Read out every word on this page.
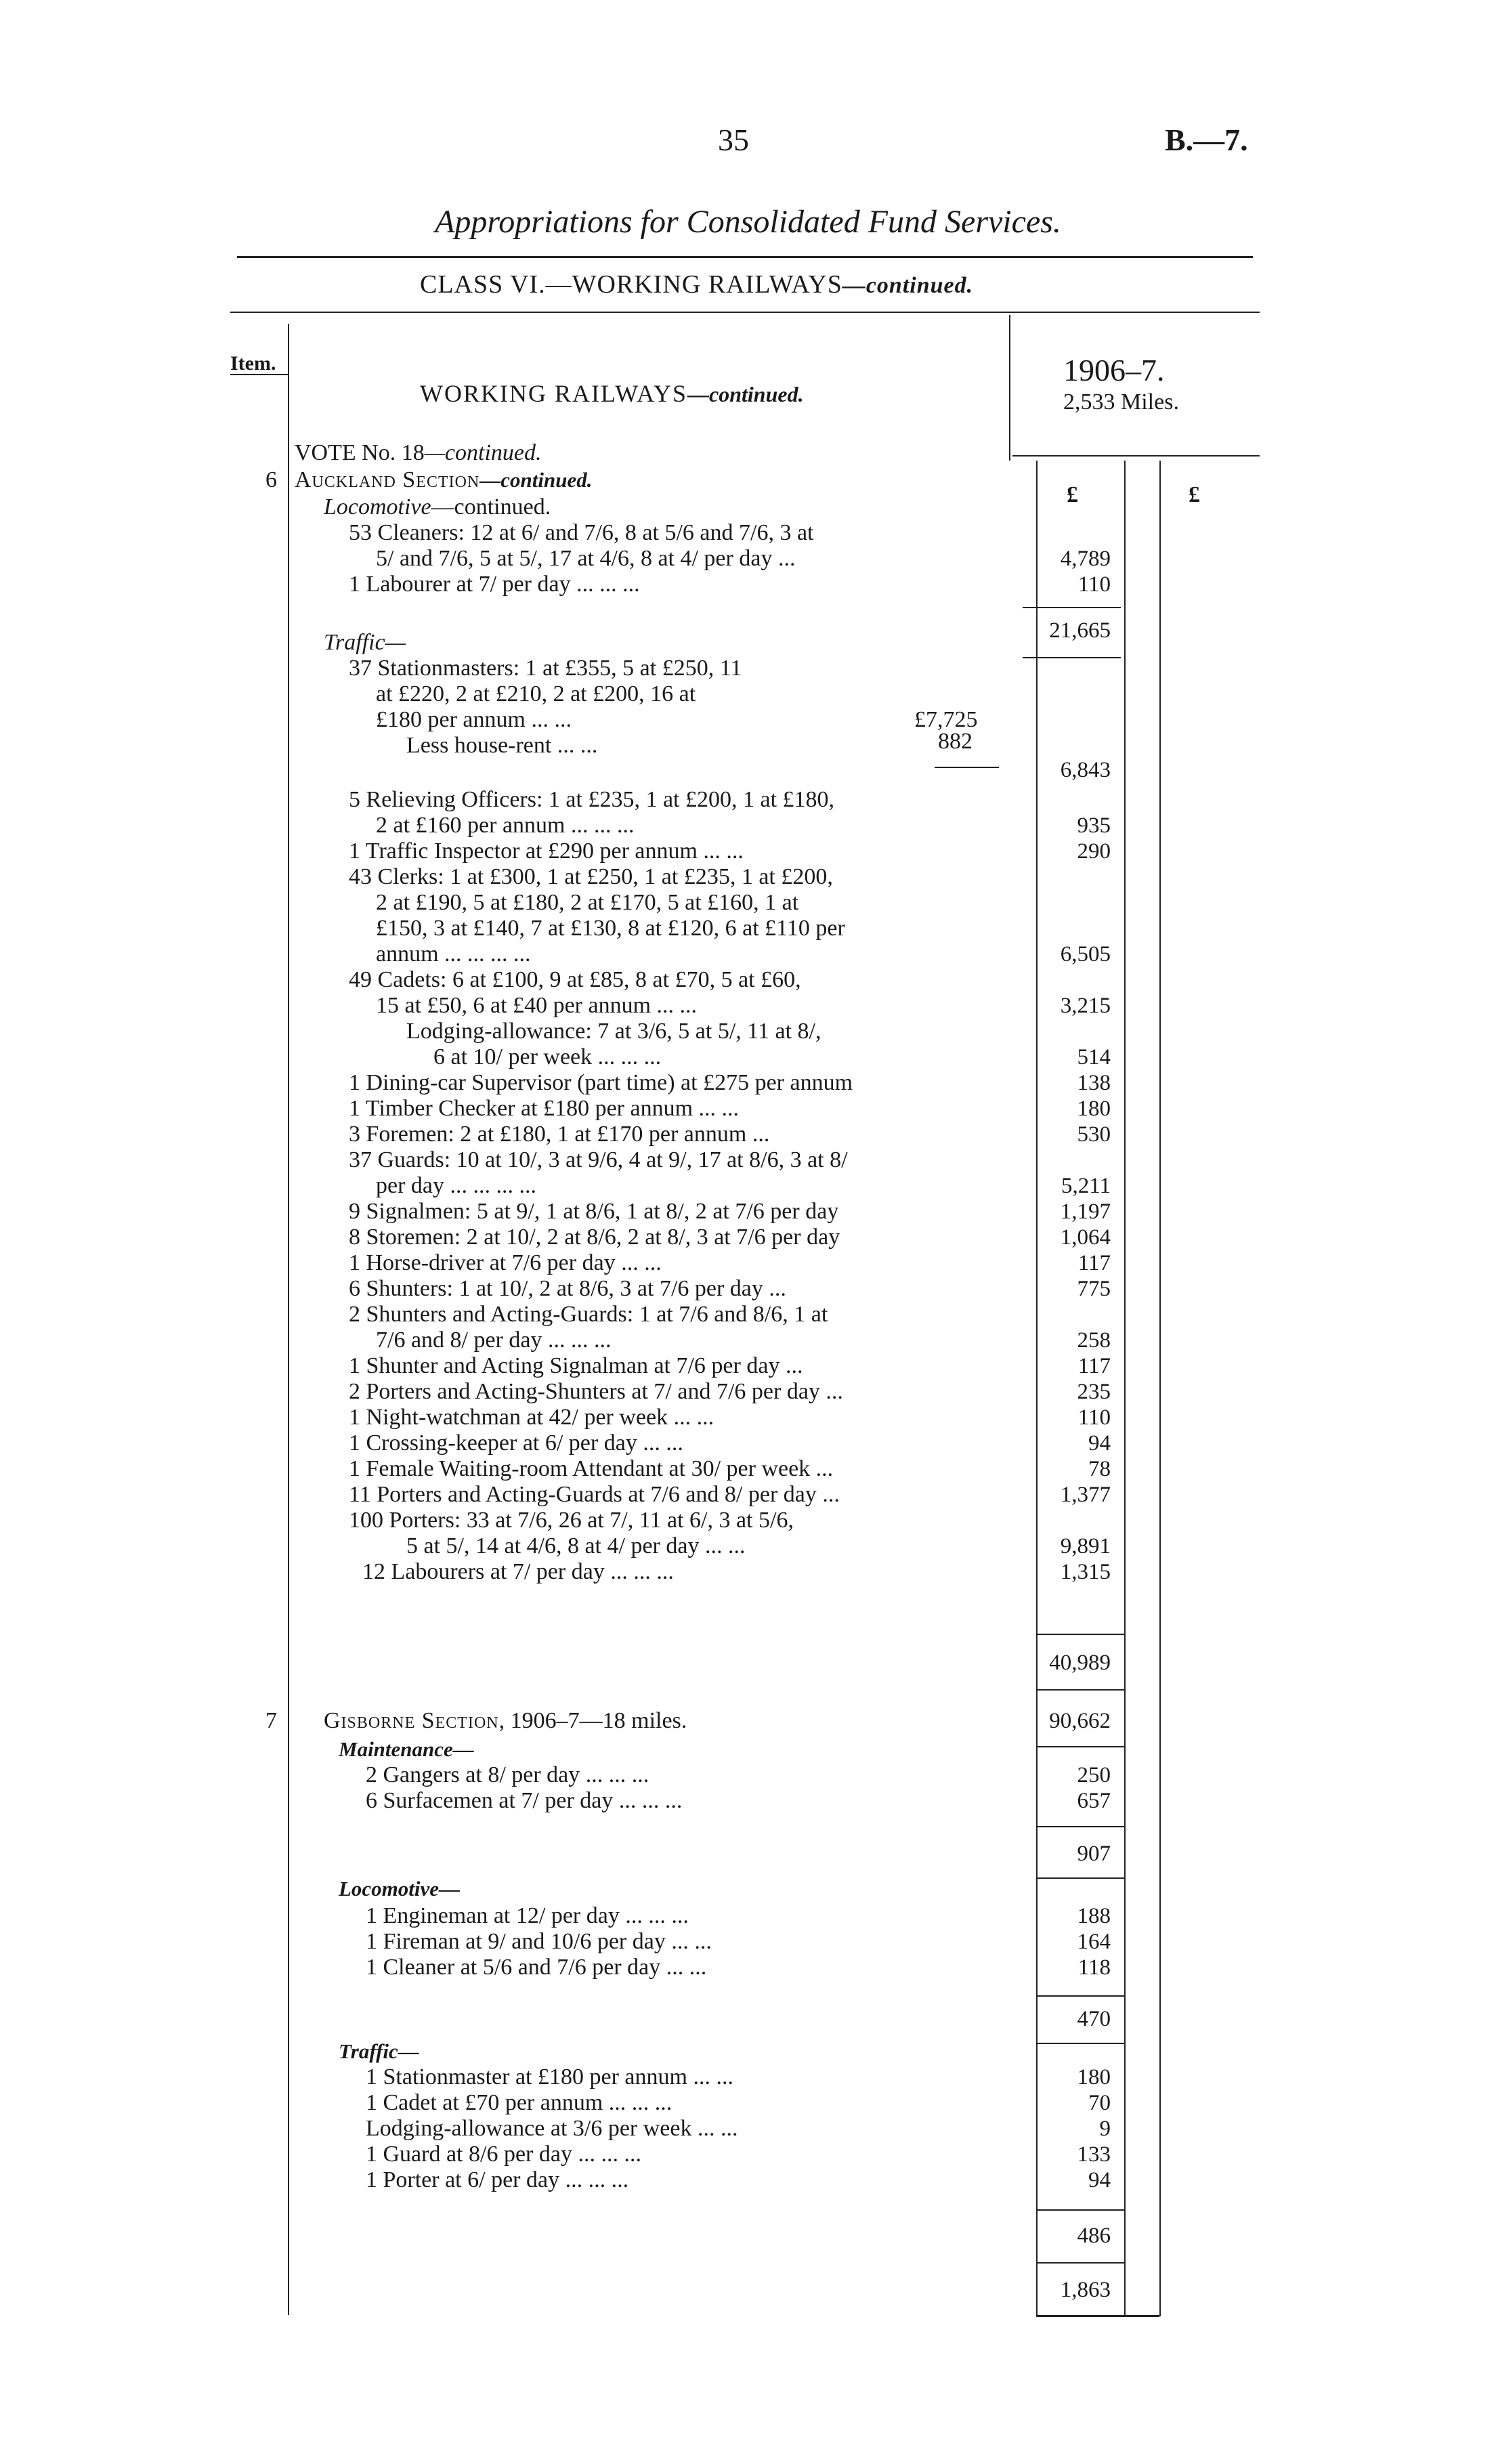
35	B.—7.
Appropriations for Consolidated Fund Services.
CLASS VI.—WORKING RAILWAYS—continued.
Item.
WORKING RAILWAYS—continued.
1906–7.
2,533 Miles.
£	£
VOTE No. 18—continued.
6 Auckland Section—continued.
Locomotive—continued.
53 Cleaners: 12 at 6/ and 7/6, 8 at 5/6 and 7/6, 3 at
5/ and 7/6, 5 at 5/, 17 at 4/6, 8 at 4/ per day ...
1 Labourer at 7/ per day ... ... ...
4,789
110
21,665
Traffic—
37 Stationmasters: 1 at £355, 5 at £250, 11
at £220, 2 at £210, 2 at £200, 16 at
£180 per annum ... ...
Less house-rent ... ...
£7,725
882
6,843
5 Relieving Officers: 1 at £235, 1 at £200, 1 at £180,
2 at £160 per annum ... ... ...
1 Traffic Inspector at £290 per annum ... ...
43 Clerks: 1 at £300, 1 at £250, 1 at £235, 1 at £200,
2 at £190, 5 at £180, 2 at £170, 5 at £160, 1 at
£150, 3 at £140, 7 at £130, 8 at £120, 6 at £110 per
annum ... ... ... ...
49 Cadets: 6 at £100, 9 at £85, 8 at £70, 5 at £60,
15 at £50, 6 at £40 per annum ... ...
Lodging-allowance: 7 at 3/6, 5 at 5/, 11 at 8/,
6 at 10/ per week ... ... ...
1 Dining-car Supervisor (part time) at £275 per annum
1 Timber Checker at £180 per annum ... ...
3 Foremen: 2 at £180, 1 at £170 per annum ...
37 Guards: 10 at 10/, 3 at 9/6, 4 at 9/, 17 at 8/6, 3 at 8/
per day ... ... ... ...
9 Signalmen: 5 at 9/, 1 at 8/6, 1 at 8/, 2 at 7/6 per day
8 Storemen: 2 at 10/, 2 at 8/6, 2 at 8/, 3 at 7/6 per day
1 Horse-driver at 7/6 per day ... ...
6 Shunters: 1 at 10/, 2 at 8/6, 3 at 7/6 per day ...
2 Shunters and Acting-Guards: 1 at 7/6 and 8/6, 1 at
7/6 and 8/ per day ... ... ...
1 Shunter and Acting Signalman at 7/6 per day ...
2 Porters and Acting-Shunters at 7/ and 7/6 per day ...
1 Night-watchman at 42/ per week ... ...
1 Crossing-keeper at 6/ per day ... ...
1 Female Waiting-room Attendant at 30/ per week ...
11 Porters and Acting-Guards at 7/6 and 8/ per day ...
100 Porters: 33 at 7/6, 26 at 7/, 11 at 6/, 3 at 5/6,
5 at 5/, 14 at 4/6, 8 at 4/ per day ... ...
12 Labourers at 7/ per day ... ... ...
935
290
6,505
3,215
514
138
180
530
5,211
1,197
1,064
117
775
258
117
235
110
94
78
1,377
9,891
1,315
40,989
90,662
7 Gisborne Section, 1906–7—18 miles.
Maintenance—
2 Gangers at 8/ per day ... ... ...
6 Surfacemen at 7/ per day ... ... ...
250
657
907
Locomotive—
1 Engineman at 12/ per day ... ... ...
1 Fireman at 9/ and 10/6 per day ... ...
1 Cleaner at 5/6 and 7/6 per day ... ...
188
164
118
470
Traffic—
1 Stationmaster at £180 per annum ... ...
1 Cadet at £70 per annum ... ... ...
Lodging-allowance at 3/6 per week ... ...
1 Guard at 8/6 per day ... ... ...
1 Porter at 6/ per day ... ... ...
180
70
9
133
94
486
1,863
